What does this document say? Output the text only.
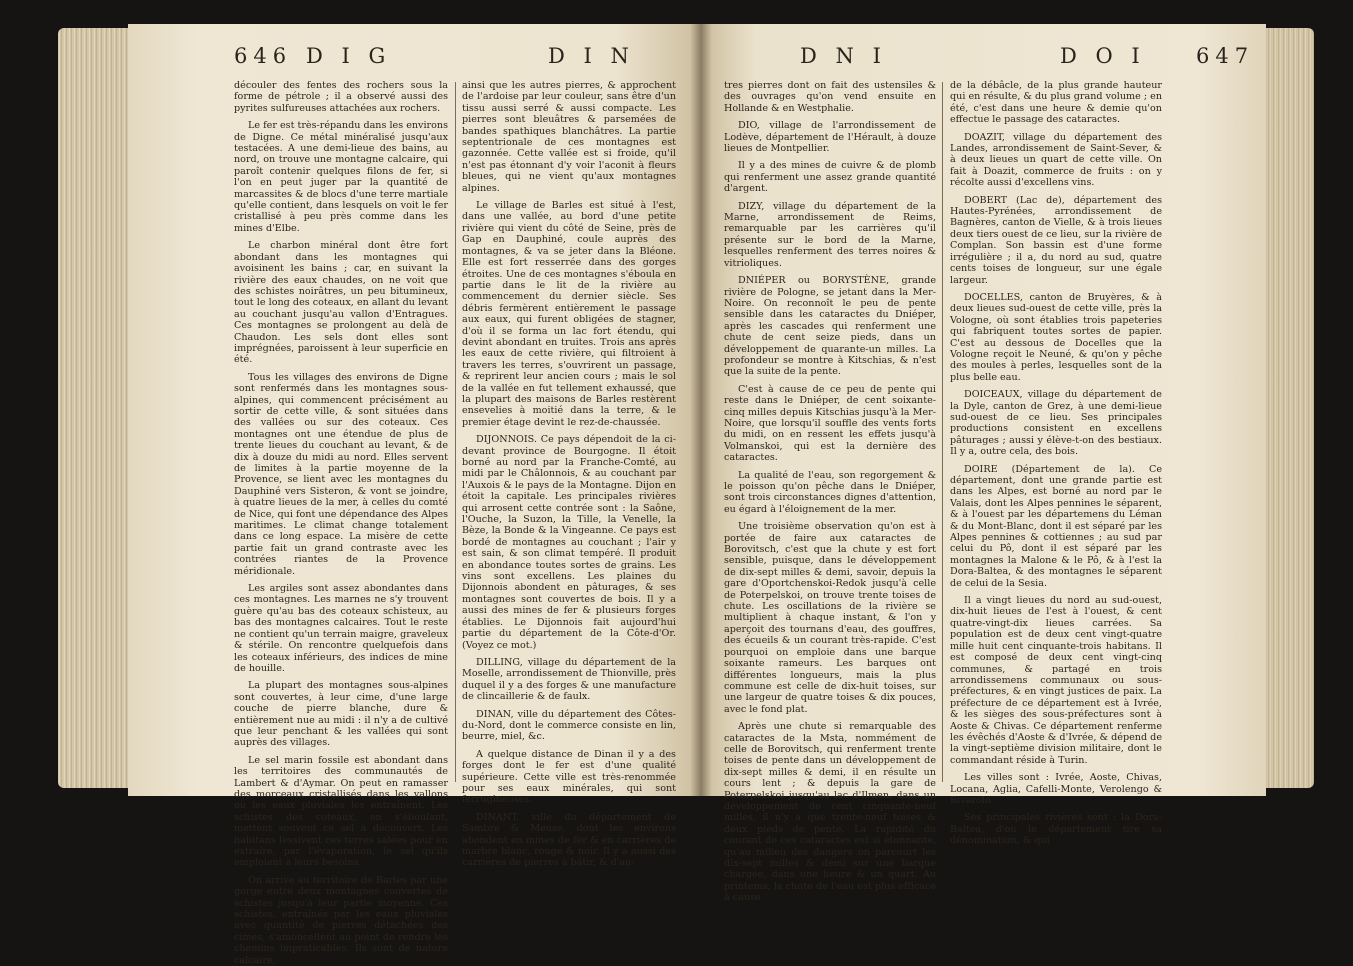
646 D I G	D I N

découler des fentes des rochers sous la forme de pétrole ; il a observé aussi des pyrites sulfureuses attachées aux rochers.

Le fer est très-répandu dans les environs de Digne. Ce métal minéralisé jusqu'aux testacées. A une demi-lieue des bains, au nord, on trouve une montagne calcaire, qui paroît contenir quelques filons de fer, si l'on en peut juger par la quantité de marcassites & de blocs d'une terre martiale qu'elle contient, dans lesquels on voit le fer cristallisé à peu près comme dans les mines d'Elbe.

Le charbon minéral dont être fort abondant dans les montagnes qui avoisinent les bains ; car, en suivant la rivière des eaux chaudes, on ne voit que des schistes noirâtres, un peu bitumineux, tout le long des coteaux, en allant du levant au couchant jusqu'au vallon d'Entragues. Ces montagnes se prolongent au delà de Chaudon. Les sels dont elles sont imprégnées, paroissent à leur superficie en été.

Tous les villages des environs de Digne sont renfermés dans les montagnes sous-alpines, qui commencent précisément au sortir de cette ville, & sont situées dans des vallées ou sur des coteaux. Ces montagnes ont une étendue de plus de trente lieues du couchant au levant, & de dix à douze du midi au nord. Elles servent de limites à la partie moyenne de la Provence, se lient avec les montagnes du Dauphiné vers Sisteron, & vont se joindre, à quatre lieues de la mer, à celles du comté de Nice, qui font une dépendance des Alpes maritimes. Le climat change totalement dans ce long espace. La misère de cette partie fait un grand contraste avec les contrées riantes de la Provence méridionale.

Les argiles sont assez abondantes dans ces montagnes. Les marnes ne s'y trouvent guère qu'au bas des coteaux schisteux, au bas des montagnes calcaires. Tout le reste ne contient qu'un terrain maigre, graveleux & stérile. On rencontre quelquefois dans les coteaux inférieurs, des indices de mine de houille.

La plupart des montagnes sous-alpines sont couvertes, à leur cime, d'une large couche de pierre blanche, dure & entièrement nue au midi : il n'y a de cultivé que leur penchant & les vallées qui sont auprès des villages.

Le sel marin fossile est abondant dans les territoires des communautés de Lambert & d'Aymar. On peut en ramasser des morceaux cristallisés dans les vallons où les eaux pluviales les entraînent. Les schistes des coteaux, en s'éboulant, mettent souvent ce sel à découvert. Les habitans lessivent ces terres salées pour en extraire, par l'évaporation, le sel qu'ils emploient à leurs besoins.

On arrive au territoire de Barles par une gorge entre deux montagnes couvertes de schistes jusqu'à leur partie moyenne. Ces schistes, entraînés par les eaux pluviales avec quantité de pierres détachées des cimes, s'amoncellent au point de rendre les chemins impraticables. Ils sont de nature calcaire,

ainsi que les autres pierres, & approchent de l'ardoise par leur couleur, sans être d'un tissu aussi serré & aussi compacte. Les pierres sont bleuâtres & parsemées de bandes spathiques blanchâtres. La partie septentrionale de ces montagnes est gazonnée. Cette vallée est si froide, qu'il n'est pas étonnant d'y voir l'aconit à fleurs bleues, qui ne vient qu'aux montagnes alpines.

Le village de Barles est situé à l'est, dans une vallée, au bord d'une petite rivière qui vient du côté de Seine, près de Gap en Dauphiné, coule auprès des montagnes, & va se jeter dans la Bléone. Elle est fort resserrée dans des gorges étroites. Une de ces montagnes s'éboula en partie dans le lit de la rivière au commencement du dernier siècle. Ses débris fermèrent entièrement le passage aux eaux, qui furent obligées de stagner, d'où il se forma un lac fort étendu, qui devint abondant en truites. Trois ans après les eaux de cette rivière, qui filtroient à travers les terres, s'ouvrirent un passage, & reprirent leur ancien cours ; mais le sol de la vallée en fut tellement exhaussé, que la plupart des maisons de Barles restèrent ensevelies à moitié dans la terre, & le premier étage devint le rez-de-chaussée.

DIJONNOIS. Ce pays dépendoit de la ci-devant province de Bourgogne. Il étoit borné au nord par la Franche-Comté, au midi par le Châlonnois, & au couchant par l'Auxois & le pays de la Montagne. Dijon en étoit la capitale. Les principales rivières qui arrosent cette contrée sont : la Saône, l'Ouche, la Suzon, la Tille, la Venelle, la Bèze, la Bonde & la Vingeanne. Ce pays est bordé de montagnes au couchant ; l'air y est sain, & son climat tempéré. Il produit en abondance toutes sortes de grains. Les vins sont excellens. Les plaines du Dijonnois abondent en pâturages, & ses montagnes sont couvertes de bois. Il y a aussi des mines de fer & plusieurs forges établies. Le Dijonnois fait aujourd'hui partie du département de la Côte-d'Or. (Voyez ce mot.)

DILLING, village du département de la Moselle, arrondissement de Thionville, près duquel il y a des forges & une manufacture de clincaillerie & de faulx.

DINAN, ville du département des Côtes-du-Nord, dont le commerce consiste en lin, beurre, miel, &c.

A quelque distance de Dinan il y a des forges dont le fer est d'une qualité supérieure. Cette ville est très-renommée pour ses eaux minérales, qui sont ferrugineuses.

DINANT, ville du département de Sambre & Meuse, dont les environs abondent en mines de fer & en carrières de marbre blanc, rouge & noir. Il y a aussi des carrières de pierres à bâtir, & d'au-

D N I	D O I 647

tres pierres dont on fait des ustensiles & des ouvrages qu'on vend ensuite en Hollande & en Westphalie.

DIO, village de l'arrondissement de Lodève, département de l'Hérault, à douze lieues de Montpellier.

Il y a des mines de cuivre & de plomb qui renferment une assez grande quantité d'argent.

DIZY, village du département de la Marne, arrondissement de Reims, remarquable par les carrières qu'il présente sur le bord de la Marne, lesquelles renferment des terres noires & vitrioliques.

DNIÉPER ou BORYSTÈNE, grande rivière de Pologne, se jetant dans la Mer-Noire. On reconnoît le peu de pente sensible dans les cataractes du Dniéper, après les cascades qui renferment une chute de cent seize pieds, dans un développement de quarante-un milles. La profondeur se montre à Kitschias, & n'est que la suite de la pente.

C'est à cause de ce peu de pente qui reste dans le Dniéper, de cent soixante-cinq milles depuis Kitschias jusqu'à la Mer-Noire, que lorsqu'il souffle des vents forts du midi, on en ressent les effets jusqu'à Volmanskoi, qui est la dernière des cataractes.

La qualité de l'eau, son regorgement & le poisson qu'on pêche dans le Dniéper, sont trois circonstances dignes d'attention, eu égard à l'éloignement de la mer.

Une troisième observation qu'on est à portée de faire aux cataractes de Borovitsch, c'est que la chute y est fort sensible, puisque, dans le développement de dix-sept milles & demi, savoir, depuis la gare d'Oportchenskoi-Redok jusqu'à celle de Poterpelskoi, on trouve trente toises de chute. Les oscillations de la rivière se multiplient à chaque instant, & l'on y aperçoit des tournans d'eau, des gouffres, des écueils & un courant très-rapide. C'est pourquoi on emploie dans une barque soixante rameurs. Les barques ont différentes longueurs, mais la plus commune est celle de dix-huit toises, sur une largeur de quatre toises & dix pouces, avec le fond plat.

Après une chute si remarquable des cataractes de la Msta, nommément de celle de Borovitsch, qui renferment trente toises de pente dans un développement de dix-sept milles & demi, il en résulte un cours lent ; & depuis la gare de Poterpelskoi jusqu'au lac d'Ilmen, dans un développement de cent cinquante-neuf milles, il n'y a que trente-neuf toises & deux pieds de pente. La rapidité du courant de ces cataractes est si étonnante, qu'au milieu des dangers on parcourt les dix-sept milles & demi sur une barque chargée, dans une heure & un quart. Au printems, la chute de l'eau est plus efficace à cause

de la débâcle, de la plus grande hauteur qui en résulte, & du plus grand volume ; en été, c'est dans une heure & demie qu'on effectue le passage des cataractes.

DOAZIT, village du département des Landes, arrondissement de Saint-Sever, & à deux lieues un quart de cette ville. On fait à Doazit, commerce de fruits : on y récolte aussi d'excellens vins.

DOBERT (Lac de), département des Hautes-Pyrénées, arrondissement de Bagnères, canton de Vielle, & à trois lieues deux tiers ouest de ce lieu, sur la rivière de Complan. Son bassin est d'une forme irrégulière ; il a, du nord au sud, quatre cents toises de longueur, sur une égale largeur.

DOCELLES, canton de Bruyères, & à deux lieues sud-ouest de cette ville, près la Vologne, où sont établies trois papeteries qui fabriquent toutes sortes de papier. C'est au dessous de Docelles que la Vologne reçoit le Neuné, & qu'on y pêche des moules à perles, lesquelles sont de la plus belle eau.

DOICEAUX, village du département de la Dyle, canton de Grez, à une demi-lieue sud-ouest de ce lieu. Ses principales productions consistent en excellens pâturages ; aussi y élève-t-on des bestiaux. Il y a, outre cela, des bois.

DOIRE (Département de la). Ce département, dont une grande partie est dans les Alpes, est borné au nord par le Valais, dont les Alpes pennines le séparent, & à l'ouest par les départemens du Léman & du Mont-Blanc, dont il est séparé par les Alpes pennines & cottiennes ; au sud par celui du Pô, dont il est séparé par les montagnes la Malone & le Pô, & à l'est la Dora-Baltea, & des montagnes le séparent de celui de la Sesia.

Il a vingt lieues du nord au sud-ouest, dix-huit lieues de l'est à l'ouest, & cent quatre-vingt-dix lieues carrées. Sa population est de deux cent vingt-quatre mille huit cent cinquante-trois habitans. Il est composé de deux cent vingt-cinq communes, & partagé en trois arrondissemens communaux ou sous-préfectures, & en vingt justices de paix. La préfecture de ce département est à Ivrée, & les sièges des sous-préfectures sont à Aoste & Chivas. Ce département renferme les évêchés d'Aoste & d'Ivrée, & dépend de la vingt-septième division militaire, dont le commandant réside à Turin.

Les villes sont : Ivrée, Aoste, Chivas, Locana, Aglia, Cafelli-Monte, Verolengo & Rivarolo.

Ses principales rivières sont : la Dora-Baltea, d'où le département tire sa dénomination, & qui
